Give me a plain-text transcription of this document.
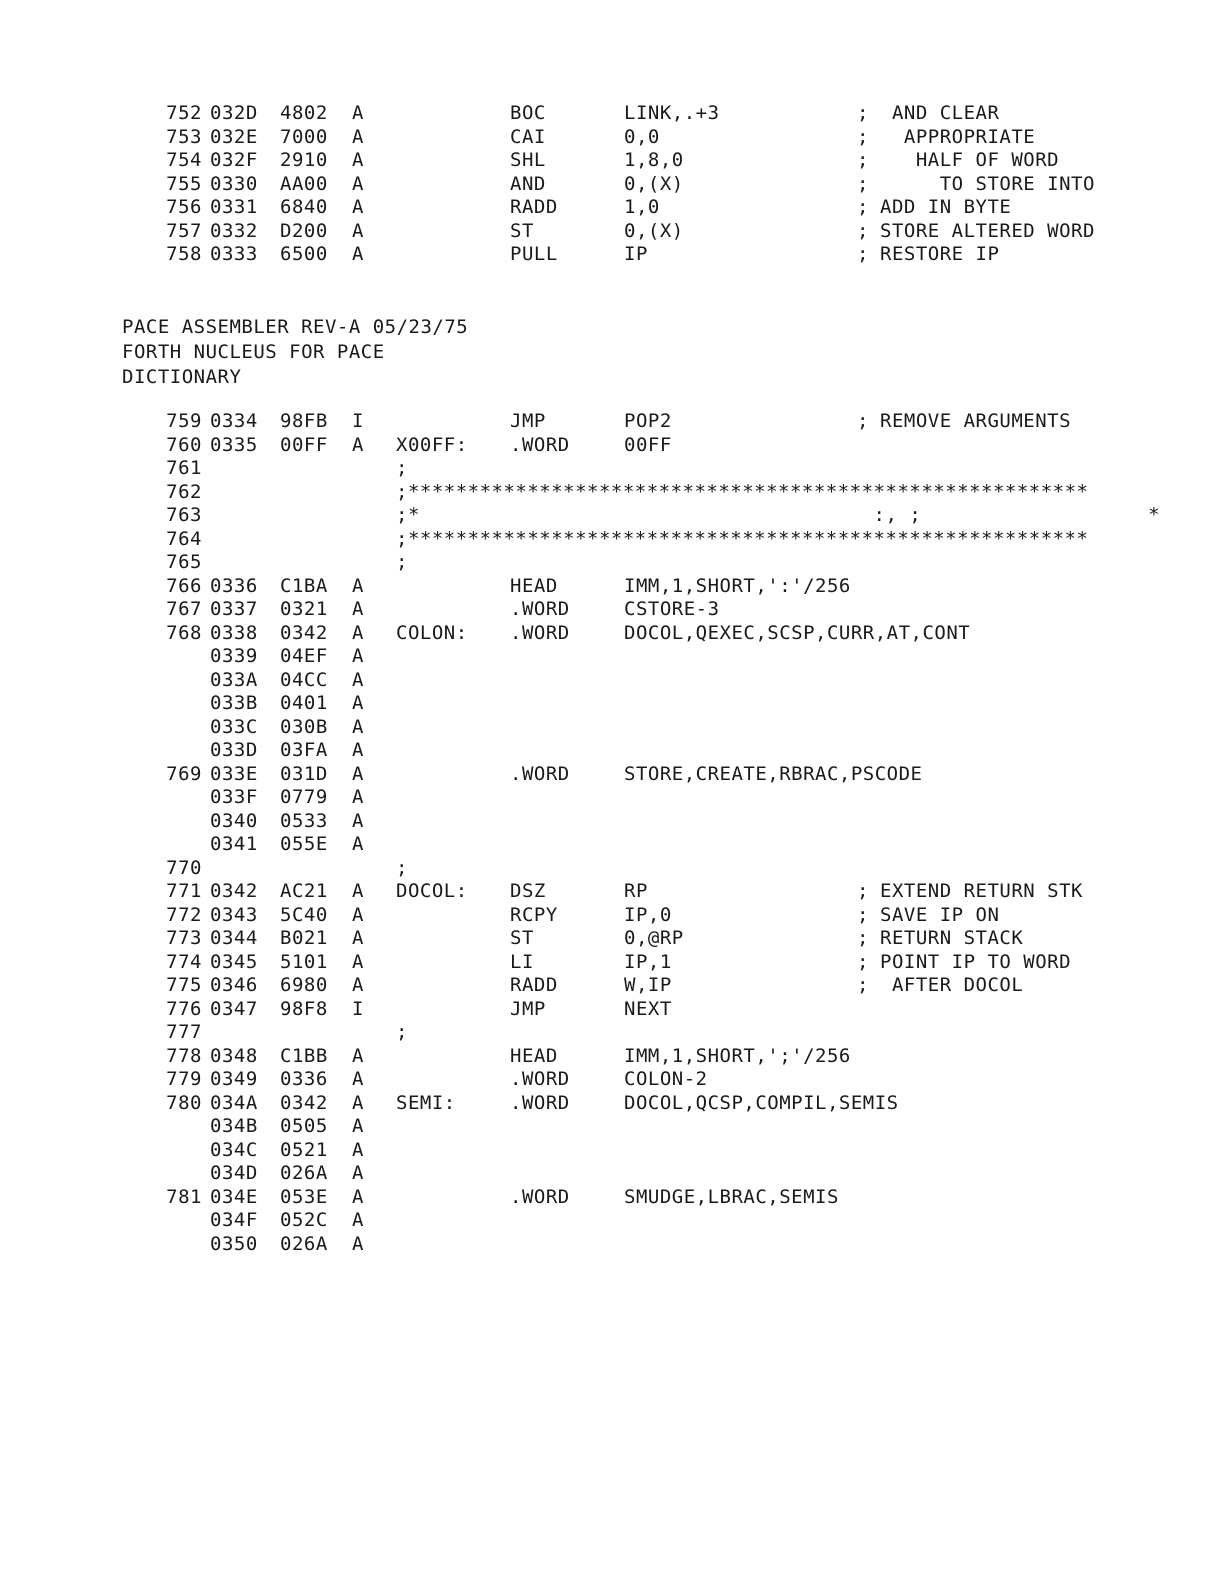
752 032D 4802 A	BOC	LINK,.+3	; AND CLEAR
753 032E 7000 A	CAI	0,0	; APPROPRIATE
754 032F 2910 A	SHL	1,8,0	; HALF OF WORD
755 0330 AA00 A	AND	0,(X)	; TO STORE INTO
756 0331 6840 A	RADD	1,0	; ADD IN BYTE
757 0332 D200 A	ST	0,(X)	; STORE ALTERED WORD
758 0333 6500 A	PULL	IP	; RESTORE IP
PACE ASSEMBLER REV-A 05/23/75
FORTH NUCLEUS FOR PACE
DICTIONARY
759 0334 98FB I	JMP	POP2	; REMOVE ARGUMENTS
760 0335 00FF A X00FF: .WORD	00FF
761	;
762	;*********************************************************
763	;*                                      :, ;                   *
764	;*********************************************************
765	;
766 0336 C1BA A	HEAD	IMM,1,SHORT,':'/256
767 0337 0321 A	.WORD	CSTORE-3
768 0338 0342 A COLON: .WORD	DOCOL,QEXEC,SCSP,CURR,AT,CONT
0339 04EF A
033A 04CC A
033B 0401 A
033C 030B A
033D 03FA A
769 033E 031D A	.WORD	STORE,CREATE,RBRAC,PSCODE
033F 0779 A
0340 0533 A
0341 055E A
770	;
771 0342 AC21 A DOCOL: DSZ	RP	; EXTEND RETURN STK
772 0343 5C40 A	RCPY	IP,0	; SAVE IP ON
773 0344 B021 A	ST	0,@RP	; RETURN STACK
774 0345 5101 A	LI	IP,1	; POINT IP TO WORD
775 0346 6980 A	RADD	W,IP	; AFTER DOCOL
776 0347 98F8 I	JMP	NEXT
777	;
778 0348 C1BB A	HEAD	IMM,1,SHORT,';'/256
779 0349 0336 A	.WORD	COLON-2
780 034A 0342 A SEMI:	.WORD	DOCOL,QCSP,COMPIL,SEMIS
034B 0505 A
034C 0521 A
034D 026A A
781 034E 053E A	.WORD	SMUDGE,LBRAC,SEMIS
034F 052C A
0350 026A A
